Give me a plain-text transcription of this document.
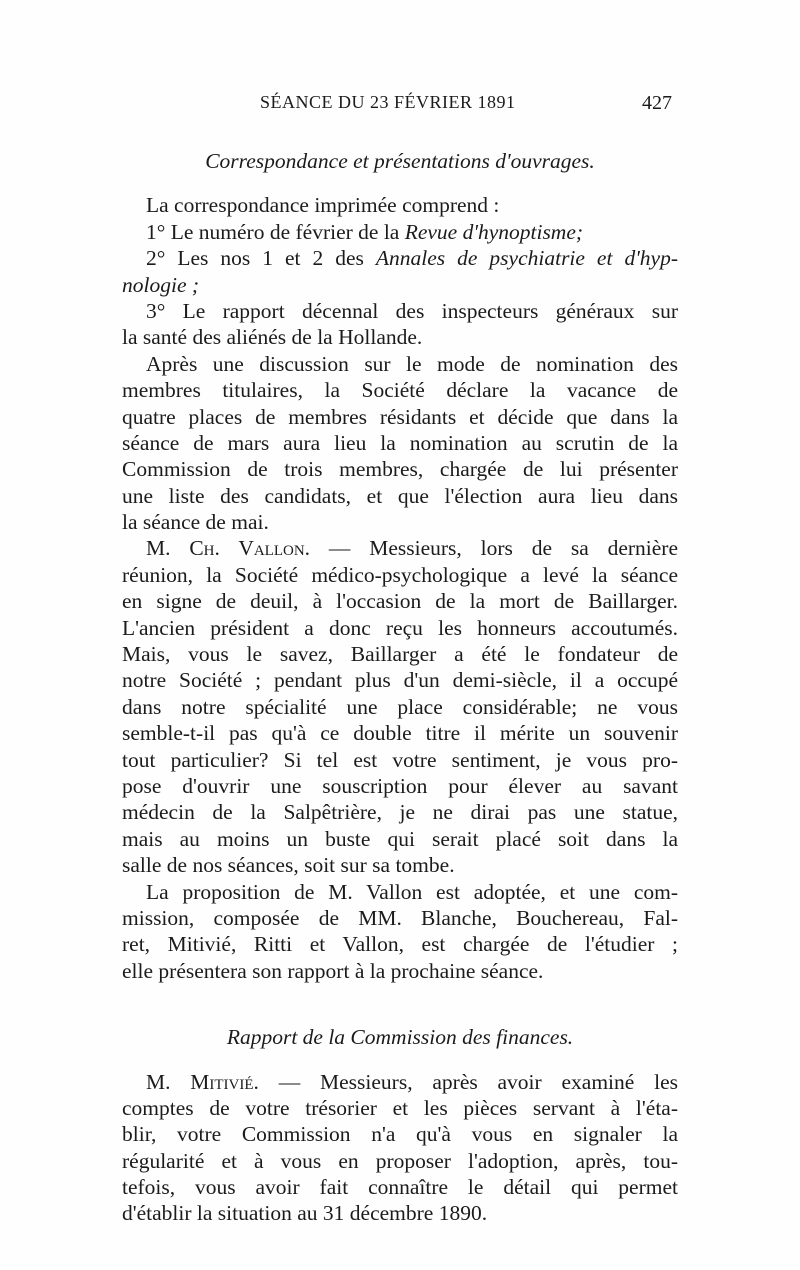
SÉANCE DU 23 FÉVRIER 1891	427
Correspondance et présentations d'ouvrages.
La correspondance imprimée comprend :
1° Le numéro de février de la Revue d'hynoptisme;
2° Les nos 1 et 2 des Annales de psychiatrie et d'hyp-
nologie ;
3° Le rapport décennal des inspecteurs généraux sur
la santé des aliénés de la Hollande.
Après une discussion sur le mode de nomination des
membres titulaires, la Société déclare la vacance de
quatre places de membres résidants et décide que dans la
séance de mars aura lieu la nomination au scrutin de la
Commission de trois membres, chargée de lui présenter
une liste des candidats, et que l'élection aura lieu dans
la séance de mai.
M. Ch. Vallon. — Messieurs, lors de sa dernière
réunion, la Société médico-psychologique a levé la séance
en signe de deuil, à l'occasion de la mort de Baillarger.
L'ancien président a donc reçu les honneurs accoutumés.
Mais, vous le savez, Baillarger a été le fondateur de
notre Société ; pendant plus d'un demi-siècle, il a occupé
dans notre spécialité une place considérable; ne vous
semble-t-il pas qu'à ce double titre il mérite un souvenir
tout particulier? Si tel est votre sentiment, je vous pro-
pose d'ouvrir une souscription pour élever au savant
médecin de la Salpêtrière, je ne dirai pas une statue,
mais au moins un buste qui serait placé soit dans la
salle de nos séances, soit sur sa tombe.
La proposition de M. Vallon est adoptée, et une com-
mission, composée de MM. Blanche, Bouchereau, Fal-
ret, Mitivié, Ritti et Vallon, est chargée de l'étudier ;
elle présentera son rapport à la prochaine séance.
Rapport de la Commission des finances.
M. Mitivié. — Messieurs, après avoir examiné les
comptes de votre trésorier et les pièces servant à l'éta-
blir, votre Commission n'a qu'à vous en signaler la
régularité et à vous en proposer l'adoption, après, tou-
tefois, vous avoir fait connaître le détail qui permet
d'établir la situation au 31 décembre 1890.
